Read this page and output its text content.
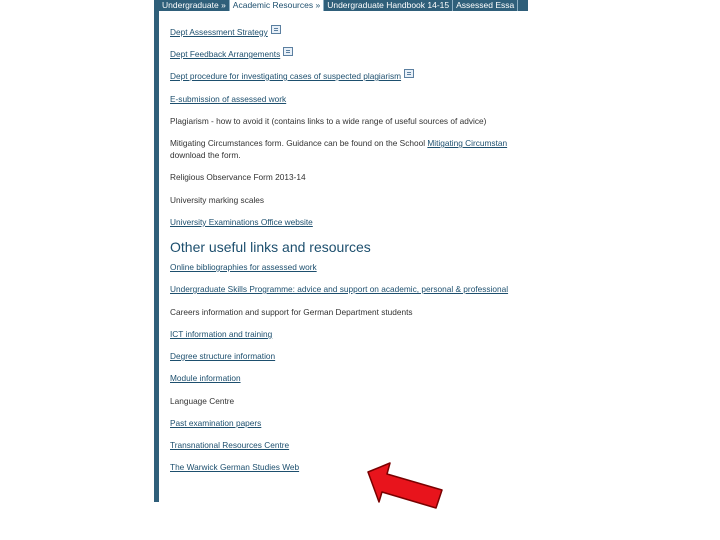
Undergraduate » Academic Resources » Undergraduate Handbook 14-15 Assessed Essa
Dept Assessment Strategy
Dept Feedback Arrangements
Dept procedure for investigating cases of suspected plagiarism
E-submission of assessed work
Plagiarism - how to avoid it (contains links to a wide range of useful sources of advice)
Mitigating Circumstances form. Guidance can be found on the School Mitigating Circumstan
download the form.
Religious Observance Form 2013-14
University marking scales
University Examinations Office website
Other useful links and resources
Online bibliographies for assessed work
Undergraduate Skills Programme: advice and support on academic, personal & professional
Careers information and support for German Department students
ICT information and training
Degree structure information
Module information
Language Centre
Past examination papers
Transnational Resources Centre
The Warwick German Studies Web
